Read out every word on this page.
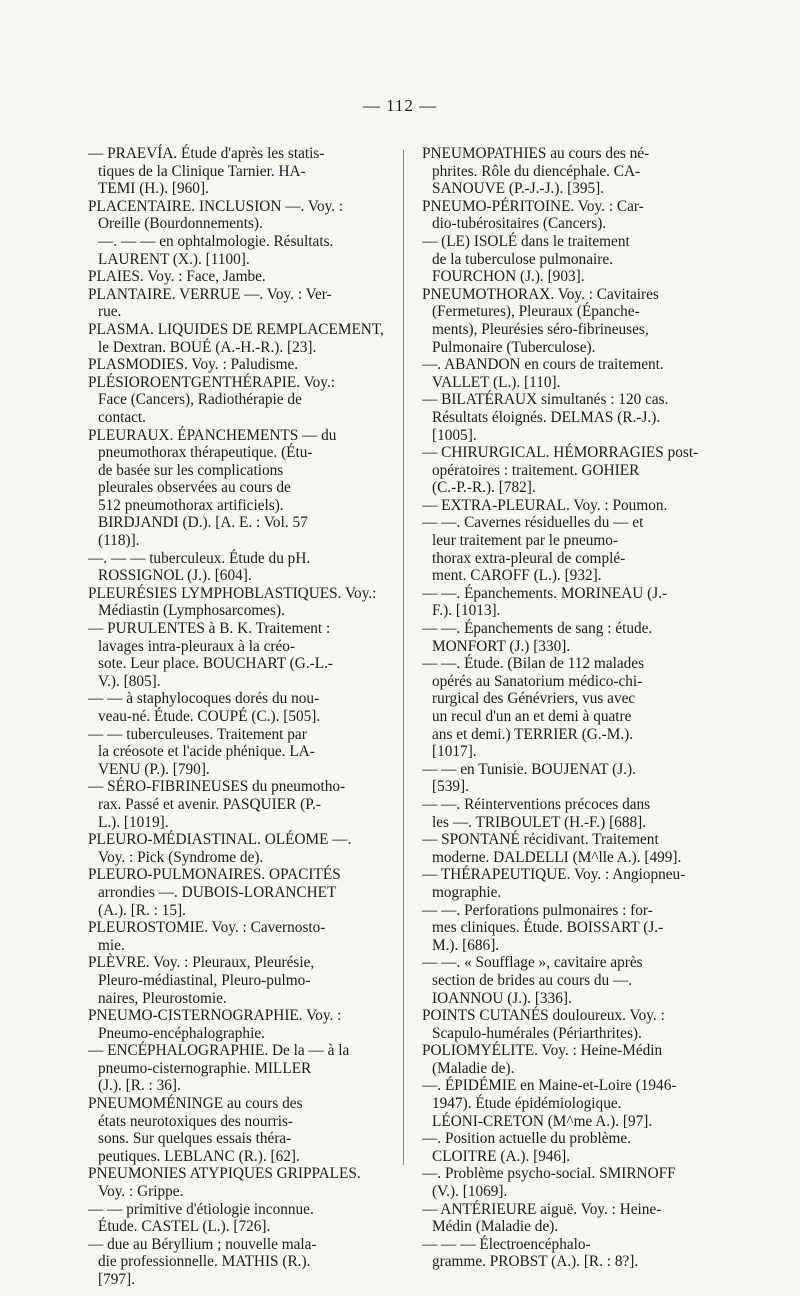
— 112 —
— PRAEVÍA. Étude d'après les statis-
tiques de la Clinique Tarnier. HA-
TEMI (H.). [960].
PLACENTAIRE. INCLUSION —. Voy. :
Oreille (Bourdonnements).
—. — — en ophtalmologie. Résultats.
LAURENT (X.). [1100].
PLAIES. Voy. : Face, Jambe.
PLANTAIRE. VERRUE —. Voy. : Ver-
rue.
PLASMA. LIQUIDES DE REMPLACEMENT,
le Dextran. BOUÉ (A.-H.-R.). [23].
PLASMODIES. Voy. : Paludisme.
PLÉSIOROENTGENTHÉRAPIE. Voy.:
Face (Cancers), Radiothérapie de
contact.
PLEURAUX. ÉPANCHEMENTS — du
pneumothorax thérapeutique. (Étu-
de basée sur les complications
pleurales observées au cours de
512 pneumothorax artificiels).
BIRDJANDI (D.). [A. E. : Vol. 57
(118)].
—. — — tuberculeux. Étude du pH.
ROSSIGNOL (J.). [604].
PLEURÉSIES LYMPHOBLASTIQUES. Voy.:
Médiastin (Lymphosarcomes).
— PURULENTES à B. K. Traitement :
lavages intra-pleuraux à la créo-
sote. Leur place. BOUCHART (G.-L.-
V.). [805].
— — à staphylocoques dorés du nou-
veau-né. Étude. COUPÉ (C.). [505].
— — tuberculeuses. Traitement par
la créosote et l'acide phénique. LA-
VENU (P.). [790].
— SÉRO-FIBRINEUSES du pneumotho-
rax. Passé et avenir. PASQUIER (P.-
L.). [1019].
PLEURO-MÉDIASTINAL. OLÉOME —.
Voy. : Pick (Syndrome de).
PLEURO-PULMONAIRES. OPACITÉS
arrondies —. DUBOIS-LORANCHET
(A.). [R. : 15].
PLEUROSTOMIE. Voy. : Cavernosto-
mie.
PLÈVRE. Voy. : Pleuraux, Pleurésie,
Pleuro-médiastinal, Pleuro-pulmo-
naires, Pleurostomie.
PNEUMO-CISTERNOGRAPHIE. Voy. :
Pneumo-encéphalographie.
— ENCÉPHALOGRAPHIE. De la — à la
pneumo-cisternographie. MILLER
(J.). [R. : 36].
PNEUMOMÉNINGE au cours des
états neurotoxiques des nourris-
sons. Sur quelques essais théra-
peutiques. LEBLANC (R.). [62].
PNEUMONIES ATYPIQUES GRIPPALES.
Voy. : Grippe.
— — primitive d'étiologie inconnue.
Étude. CASTEL (L.). [726].
— due au Béryllium ; nouvelle mala-
die professionnelle. MATHIS (R.).
[797].
PNEUMOPATHIES au cours des né-
phrites. Rôle du diencéphale. CA-
SANOUVE (P.-J.-J.). [395].
PNEUMO-PÉRITOINE. Voy. : Car-
dio-tubérositaires (Cancers).
— (LE) ISOLÉ dans le traitement
de la tuberculose pulmonaire.
FOURCHON (J.). [903].
PNEUMOTHORAX. Voy. : Cavitaires
(Fermetures), Pleuraux (Épanche-
ments), Pleurésies séro-fibrineuses,
Pulmonaire (Tuberculose).
—. ABANDON en cours de traitement.
VALLET (L.). [110].
— BILATÉRAUX simultanés : 120 cas.
Résultats éloignés. DELMAS (R.-J.).
[1005].
— CHIRURGICAL. HÉMORRAGIES post-
opératoires : traitement. GOHIER
(C.-P.-R.). [782].
— EXTRA-PLEURAL. Voy. : Poumon.
— —. Cavernes résiduelles du — et
leur traitement par le pneumo-
thorax extra-pleural de complé-
ment. CAROFF (L.). [932].
— —. Épanchements. MORINEAU (J.-
F.). [1013].
— —. Épanchements de sang : étude.
MONFORT (J.) [330].
— —. Étude. (Bilan de 112 malades
opérés au Sanatorium médico-chi-
rurgical des Génévriers, vus avec
un recul d'un an et demi à quatre
ans et demi.) TERRIER (G.-M.).
[1017].
— — en Tunisie. BOUJENAT (J.).
[539].
— —. Réinterventions précoces dans
les —. TRIBOULET (H.-F.) [688].
— SPONTANÉ récidivant. Traitement
moderne. DALDELLI (M^lle A.). [499].
— THÉRAPEUTIQUE. Voy. : Angiopneu-
mographie.
— —. Perforations pulmonaires : for-
mes cliniques. Étude. BOISSART (J.-
M.). [686].
— —. « Soufflage », cavitaire après
section de brides au cours du —.
IOANNOU (J.). [336].
POINTS CUTANÉS douloureux. Voy. :
Scapulo-humérales (Périarthrites).
POLIOMYÉLITE. Voy. : Heine-Médin
(Maladie de).
—. ÉPIDÉMIE en Maine-et-Loire (1946-
1947). Étude épidémiologique.
LÉONI-CRETON (M^me A.). [97].
—. Position actuelle du problème.
CLOITRE (A.). [946].
—. Problème psycho-social. SMIRNOFF
(V.). [1069].
— ANTÉRIEURE aiguë. Voy. : Heine-
Médin (Maladie de).
— — — Électroencéphalo-
gramme. PROBST (A.). [R. : 8?].
